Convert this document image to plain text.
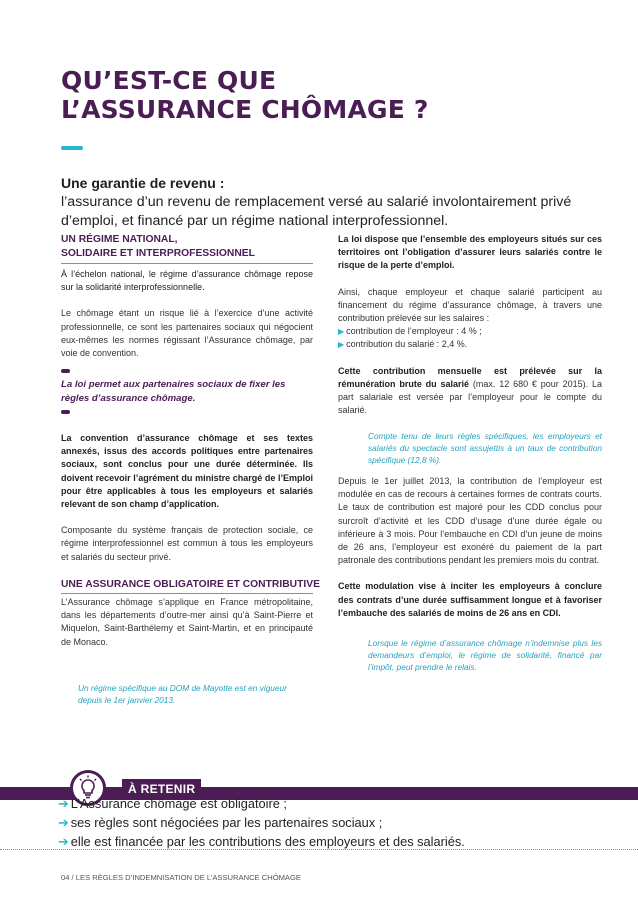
QU’EST-CE QUE
L’ASSURANCE CHÔMAGE ?
Une garantie de revenu :
l’assurance d’un revenu de remplacement versé au salarié involontairement privé d’emploi, et financé par un régime national interprofessionnel.
UN RÉGIME NATIONAL,
SOLIDAIRE ET INTERPROFESSIONNEL

À l’échelon national, le régime d’assurance chômage repose sur la solidarité interprofessionnelle.

Le chômage étant un risque lié à l’exercice d’une activité professionnelle, ce sont les partenaires sociaux qui négocient eux-mêmes les normes régissant l’Assurance chômage, par voie de convention.

La loi permet aux partenaires sociaux de fixer les règles d’assurance chômage.

La convention d’assurance chômage et ses textes annexés, issus des accords politiques entre partenaires sociaux, sont conclus pour une durée déterminée. Ils doivent recevoir l’agrément du ministre chargé de l’Emploi pour être applicables à tous les employeurs et salariés relevant de son champ d’application.

Composante du système français de protection sociale, ce régime interprofessionnel est commun à tous les employeurs et salariés du secteur privé.

UNE ASSURANCE OBLIGATOIRE ET CONTRIBUTIVE

L’Assurance chômage s’applique en France métropolitaine, dans les départements d’outre-mer ainsi qu’à Saint-Pierre et Miquelon, Saint-Barthélemy et Saint-Martin, et en principauté de Monaco.

Un régime spécifique au DOM de Mayotte est en vigueur
depuis le 1er janvier 2013.

La loi dispose que l’ensemble des employeurs situés sur ces territoires ont l’obligation d’assurer leurs salariés contre le risque de la perte d’emploi.

Ainsi, chaque employeur et chaque salarié participent au financement du régime d’assurance chômage, à travers une contribution prélevée sur les salaires :

▶ contribution de l’employeur : 4 % ;
▶ contribution du salarié : 2,4 %.

Cette contribution mensuelle est prélevée sur la rémunération brute du salarié (max. 12 680 € pour 2015). La part salariale est versée par l’employeur pour le compte du salarié.

Compte tenu de leurs règles spécifiques, les employeurs et salariés du spectacle sont assujettis à un taux de contribution spécifique (12,8 %).

Depuis le 1er juillet 2013, la contribution de l’employeur est modulée en cas de recours à certaines formes de contrats courts. Le taux de contribution est majoré pour les CDD conclus pour surcroît d’activité et les CDD d’usage d’une durée égale ou inférieure à 3 mois. Pour l’embauche en CDI d’un jeune de moins de 26 ans, l’employeur est exonéré du paiement de la part patronale des contributions pendant les premiers mois du contrat.

Cette modulation vise à inciter les employeurs à conclure des contrats d’une durée suffisamment longue et à favoriser l’embauche des salariés de moins de 26 ans en CDI.

Lorsque le régime d’assurance chômage n’indemnise plus les demandeurs d’emploi, le régime de solidarité, financé par l’impôt, peut prendre le relais.
À RETENIR
➔ L’Assurance chômage est obligatoire ;
➔ ses règles sont négociées par les partenaires sociaux ;
➔ elle est financée par les contributions des employeurs et des salariés.
04 / LES RÈGLES D’INDEMNISATION DE L’ASSURANCE CHÔMAGE
